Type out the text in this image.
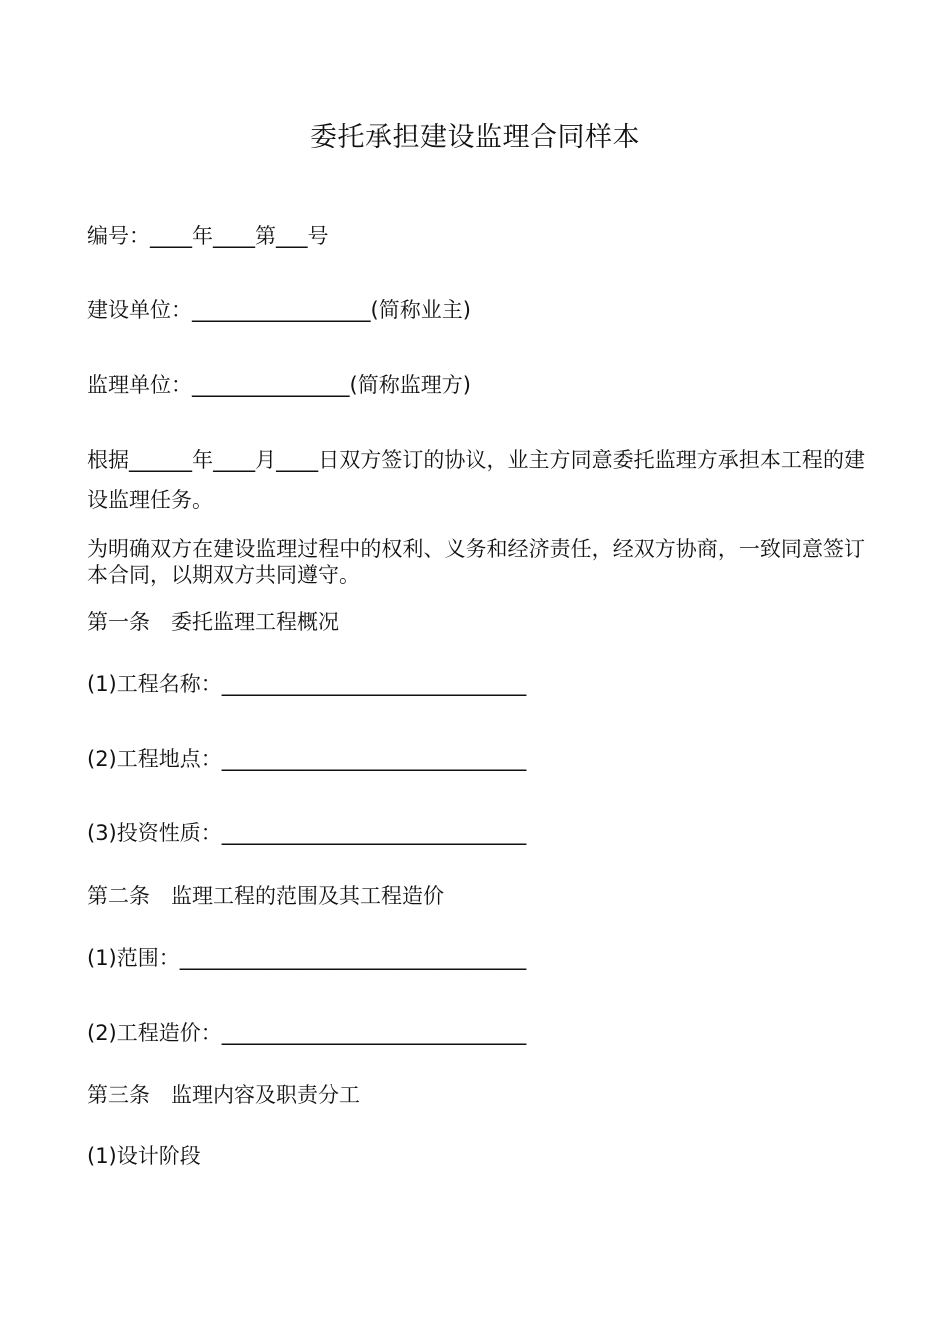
委托承担建设监理合同样本
编号：____年____第___号
建设单位：_________________(简称业主)
监理单位：_______________(简称监理方)
根据______年____月____日双方签订的协议，业主方同意委托监理方承担本工程的建设监理任务。
为明确双方在建设监理过程中的权利、义务和经济责任，经双方协商，一致同意签订本合同，以期双方共同遵守。
第一条　委托监理工程概况
(1)工程名称：_____________________________
(2)工程地点：_____________________________
(3)投资性质：_____________________________
第二条　监理工程的范围及其工程造价
(1)范围：_________________________________
(2)工程造价：_____________________________
第三条　监理内容及职责分工
(1)设计阶段
